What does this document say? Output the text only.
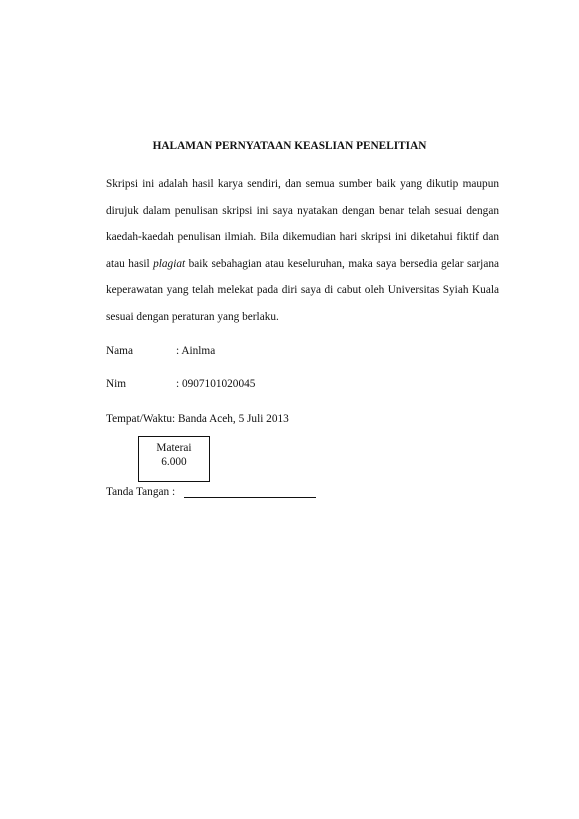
HALAMAN PERNYATAAN KEASLIAN PENELITIAN
Skripsi ini adalah hasil karya sendiri, dan semua sumber baik yang dikutip maupun
dirujuk dalam penulisan skripsi ini saya nyatakan dengan benar telah sesuai dengan
kaedah-kaedah penulisan ilmiah. Bila dikemudian hari skripsi ini diketahui fiktif dan
atau hasil plagiat baik sebahagian atau keseluruhan, maka saya bersedia gelar sarjana
keperawatan yang telah melekat pada diri saya di cabut oleh Universitas Syiah Kuala
sesuai dengan peraturan yang berlaku.
Nama	: Ainlma
Nim	: 0907101020045
Tempat/Waktu: Banda Aceh, 5 Juli 2013
Materai
6.000
Tanda Tangan :
